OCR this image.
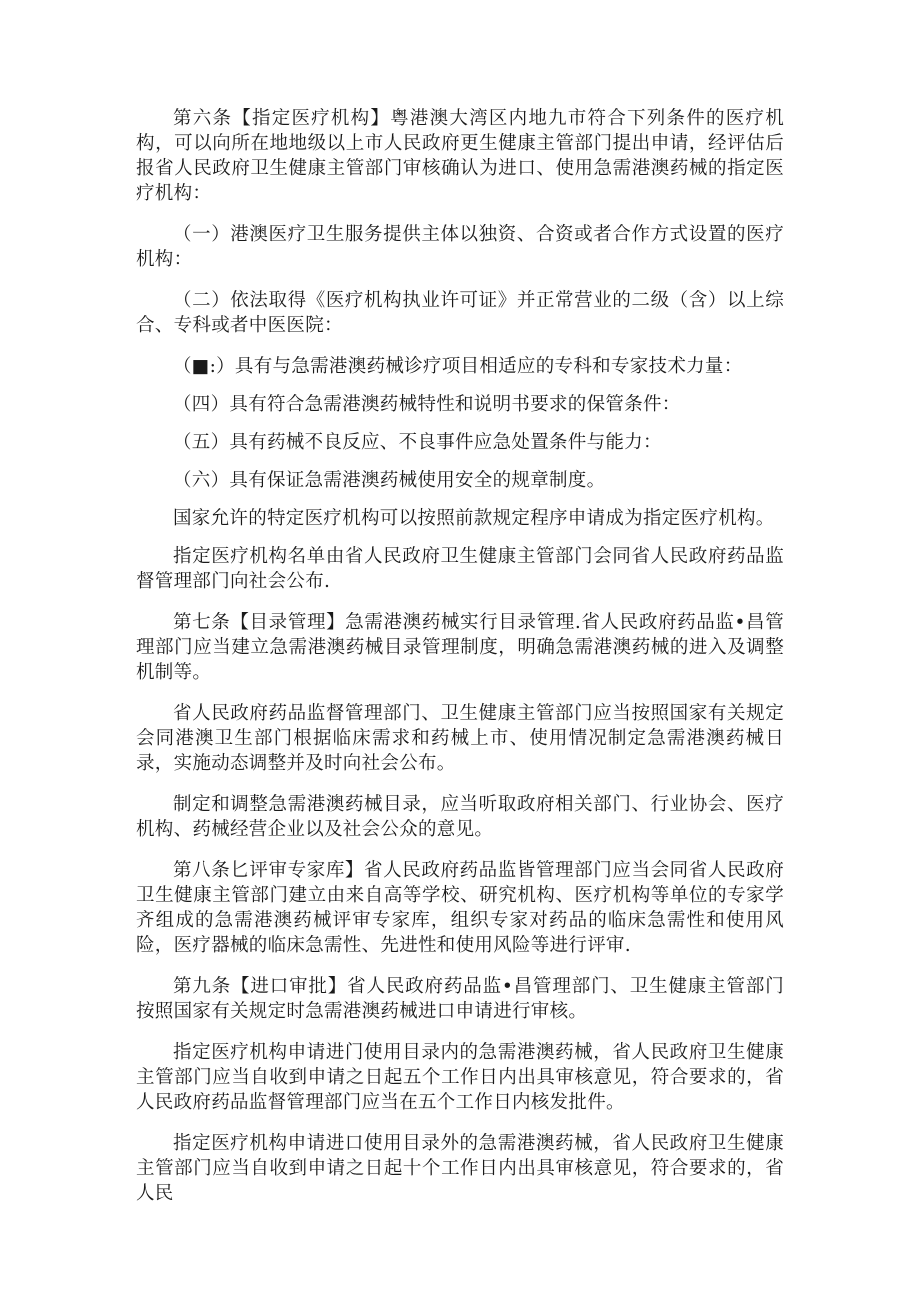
第六条【指定医疗机构】粤港澳大湾区内地九市符合下列条件的医疗机构，可以向所在地地级以上市人民政府更生健康主管部门提出申请，经评估后报省人民政府卫生健康主管部门审核确认为进口、使用急需港澳药械的指定医疗机构：

（一）港澳医疗卫生服务提供主体以独资、合资或者合作方式设置的医疗机构：

（二）依法取得《医疗机构执业许可证》并正常营业的二级（含）以上综合、专科或者中医医院：

（■:）具有与急需港澳药械诊疗项目相适应的专科和专家技术力量：

（四）具有符合急需港澳药械特性和说明书要求的保管条件：

（五）具有药械不良反应、不良事件应急处置条件与能力：

（六）具有保证急需港澳药械使用安全的规章制度。

国家允许的特定医疗机构可以按照前款规定程序申请成为指定医疗机构。

指定医疗机构名单由省人民政府卫生健康主管部门会同省人民政府药品监督管理部门向社会公布.

第七条【目录管理】急需港澳药械实行目录管理.省人民政府药品监•昌管理部门应当建立急需港澳药械目录管理制度，明确急需港澳药械的进入及调整机制等。

省人民政府药品监督管理部门、卫生健康主管部门应当按照国家有关规定会同港澳卫生部门根据临床需求和药械上市、使用情况制定急需港澳药械日录，实施动态调整并及时向社会公布。

制定和调整急需港澳药械目录，应当听取政府相关部门、行业协会、医疗机构、药械经营企业以及社会公众的意见。

第八条匕评审专家库】省人民政府药品监皆管理部门应当会同省人民政府卫生健康主管部门建立由来自高等学校、研究机构、医疗机构等单位的专家学齐组成的急需港澳药械评审专家库，组织专家对药品的临床急需性和使用风险，医疗器械的临床急需性、先进性和使用风险等进行评审.

第九条【进口审批】省人民政府药品监•昌管理部门、卫生健康主管部门按照国家有关规定时急需港澳药械进口申请进行审核。

指定医疗机构申请进门使用目录内的急需港澳药械，省人民政府卫生健康主管部门应当自收到申请之日起五个工作日内出具审核意见，符合要求的，省人民政府药品监督管理部门应当在五个工作日内核发批件。

指定医疗机构申请进口使用目录外的急需港澳药械，省人民政府卫生健康主管部门应当自收到申请之日起十个工作日内出具审核意见，符合要求的，省人民
